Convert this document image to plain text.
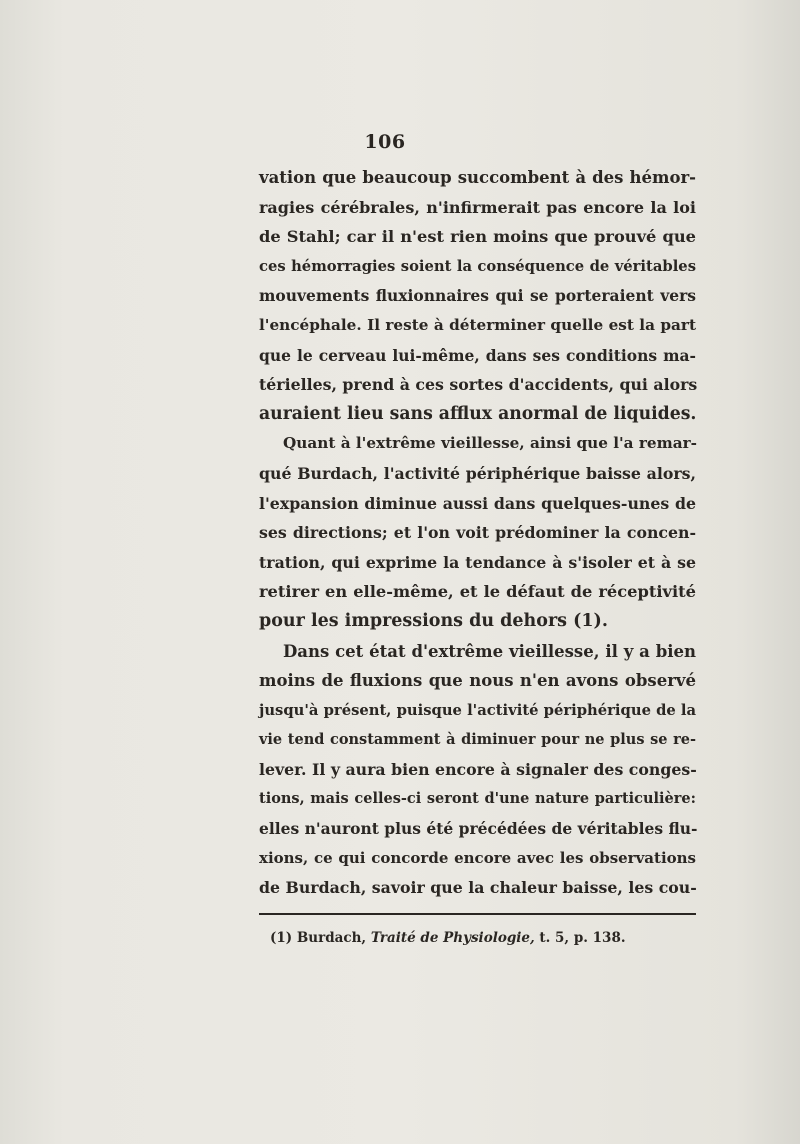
106
vation que beaucoup succombent à des hémor-
ragies cérébrales, n'infirmerait pas encore la loi
de Stahl; car il n'est rien moins que prouvé que
ces hémorragies soient la conséquence de véritables
mouvements fluxionnaires qui se porteraient vers
l'encéphale. Il reste à déterminer quelle est la part
que le cerveau lui-même, dans ses conditions ma-
térielles, prend à ces sortes d'accidents, qui alors
auraient lieu sans afflux anormal de liquides.
Quant à l'extrême vieillesse, ainsi que l'a remar-
qué Burdach, l'activité périphérique baisse alors,
l'expansion diminue aussi dans quelques-unes de
ses directions; et l'on voit prédominer la concen-
tration, qui exprime la tendance à s'isoler et à se
retirer en elle-même, et le défaut de réceptivité
pour les impressions du dehors (1).
Dans cet état d'extrême vieillesse, il y a bien
moins de fluxions que nous n'en avons observé
jusqu'à présent, puisque l'activité périphérique de la
vie tend constamment à diminuer pour ne plus se re-
lever. Il y aura bien encore à signaler des conges-
tions, mais celles-ci seront d'une nature particulière:
elles n'auront plus été précédées de véritables flu-
xions, ce qui concorde encore avec les observations
de Burdach, savoir que la chaleur baisse, les cou-
(1) Burdach, Traité de Physiologie, t. 5, p. 138.
